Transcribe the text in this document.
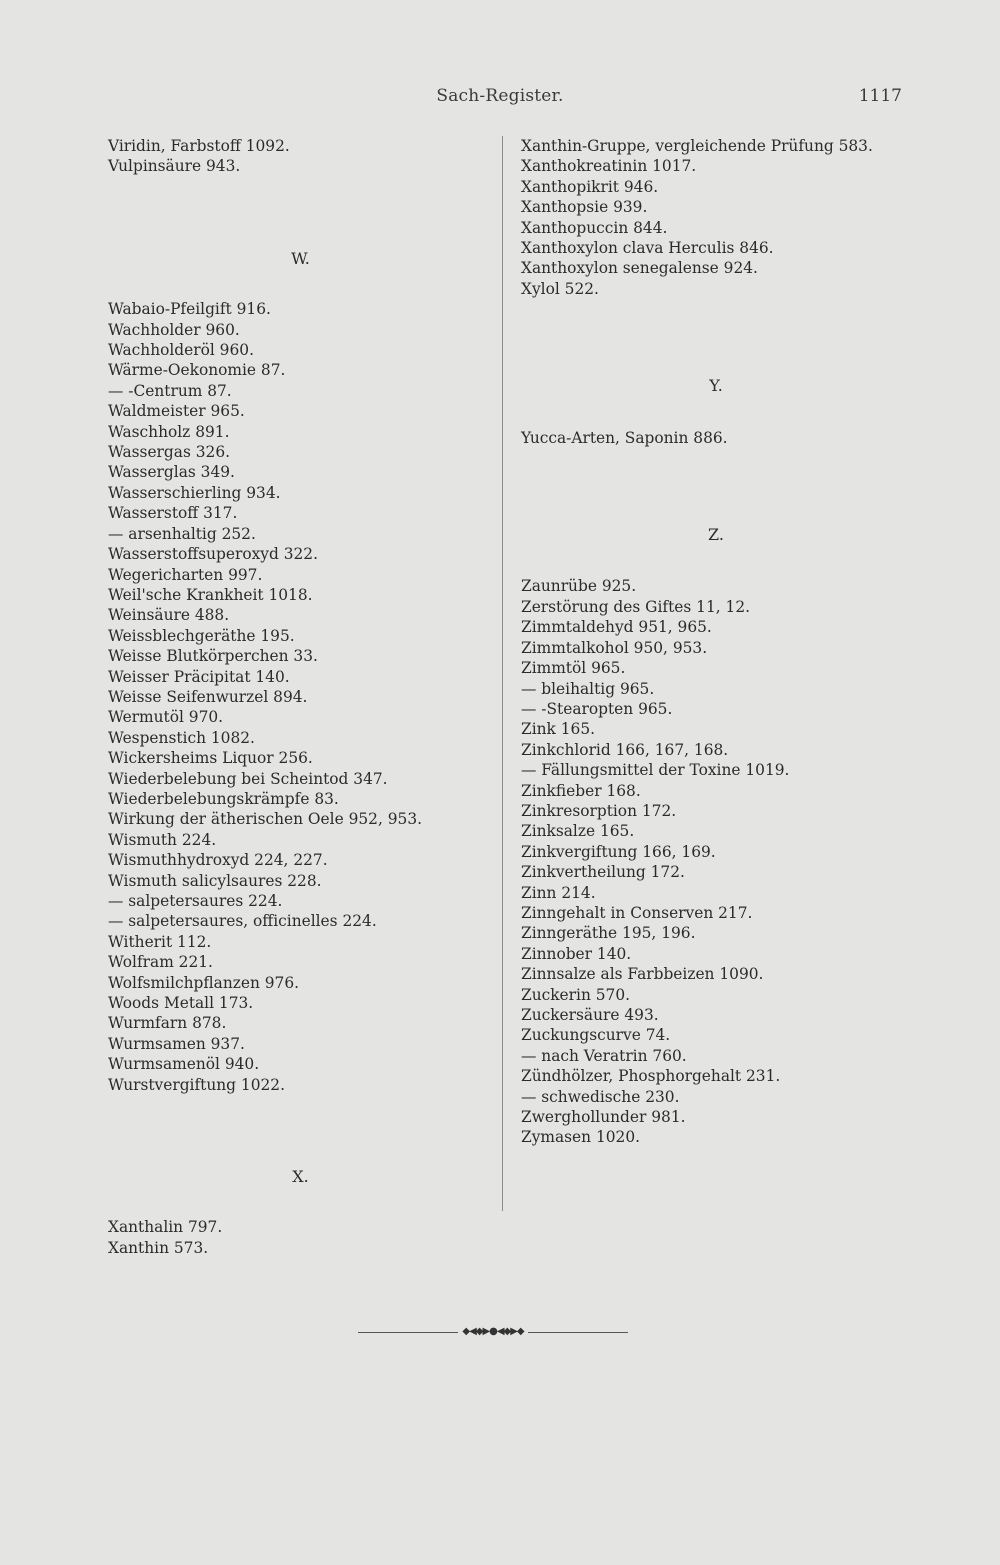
Sach-Register.	1117
Viridin, Farbstoff 1092.
Vulpinsäure 943.
W.
Wabaio-Pfeilgift 916.
Wachholder 960.
Wachholderöl 960.
Wärme-Oekonomie 87.
— -Centrum 87.
Waldmeister 965.
Waschholz 891.
Wassergas 326.
Wasserglas 349.
Wasserschierling 934.
Wasserstoff 317.
— arsenhaltig 252.
Wasserstoffsuperoxyd 322.
Wegericharten 997.
Weil'sche Krankheit 1018.
Weinsäure 488.
Weissblechgeräthe 195.
Weisse Blutkörperchen 33.
Weisser Präcipitat 140.
Weisse Seifenwurzel 894.
Wermutöl 970.
Wespenstich 1082.
Wickersheims Liquor 256.
Wiederbelebung bei Scheintod 347.
Wiederbelebungskrämpfe 83.
Wirkung der ätherischen Oele 952, 953.
Wismuth 224.
Wismuthhydroxyd 224, 227.
Wismuth salicylsaures 228.
— salpetersaures 224.
— salpetersaures, officinelles 224.
Witherit 112.
Wolfram 221.
Wolfsmilchpflanzen 976.
Woods Metall 173.
Wurmfarn 878.
Wurmsamen 937.
Wurmsamenöl 940.
Wurstvergiftung 1022.
X.
Xanthalin 797.
Xanthin 573.
Xanthin-Gruppe, vergleichende Prüfung 583.
Xanthokreatinin 1017.
Xanthopikrit 946.
Xanthopsie 939.
Xanthopuccin 844.
Xanthoxylon clava Herculis 846.
Xanthoxylon senegalense 924.
Xylol 522.
Y.
Yucca-Arten, Saponin 886.
Z.
Zaunrübe 925.
Zerstörung des Giftes 11, 12.
Zimmtaldehyd 951, 965.
Zimmtalkohol 950, 953.
Zimmtöl 965.
— bleihaltig 965.
— -Stearopten 965.
Zink 165.
Zinkchlorid 166, 167, 168.
— Fällungsmittel der Toxine 1019.
Zinkfieber 168.
Zinkresorption 172.
Zinksalze 165.
Zinkvergiftung 166, 169.
Zinkvertheilung 172.
Zinn 214.
Zinngehalt in Conserven 217.
Zinngeräthe 195, 196.
Zinnober 140.
Zinnsalze als Farbbeizen 1090.
Zuckerin 570.
Zuckersäure 493.
Zuckungscurve 74.
— nach Veratrin 760.
Zündhölzer, Phosphorgehalt 231.
— schwedische 230.
Zwerghollunder 981.
Zymasen 1020.
◆◀◆▶●◀◆▶◆
